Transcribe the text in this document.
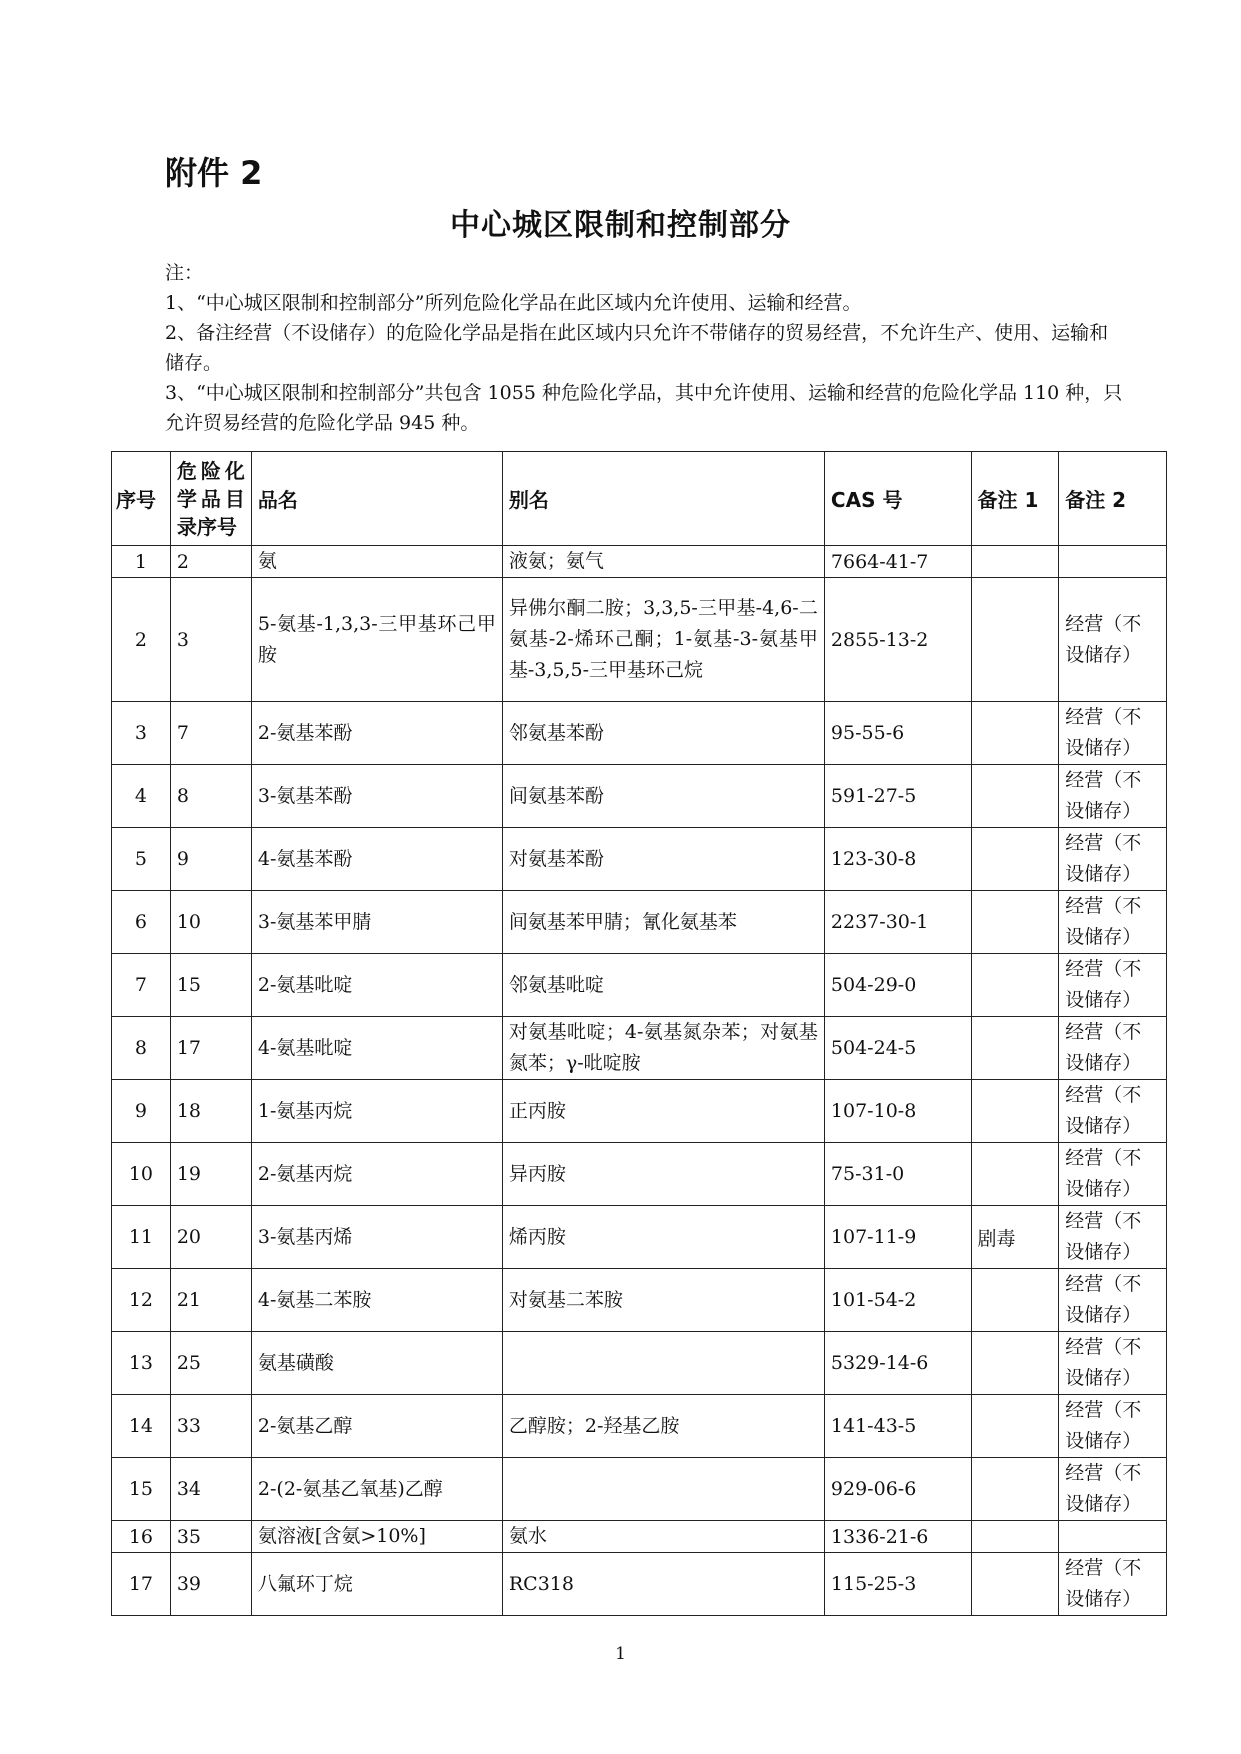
附件 2
中心城区限制和控制部分

注：

1、“中心城区限制和控制部分”所列危险化学品在此区域内允许使用、运输和经营。

2、备注经营（不设储存）的危险化学品是指在此区域内只允许不带储存的贸易经营，不允许生产、使用、运输和储存。

3、“中心城区限制和控制部分”共包含 1055 种危险化学品，其中允许使用、运输和经营的危险化学品 110 种，只允许贸易经营的危险化学品 945 种。

序号	危险化学品目录序号	品名	别名	CAS 号	备注 1	备注 2
1	2	氨	液氨；氨气	7664-41-7		
2	3	5-氨基-1,3,3-三甲基环己甲胺	异佛尔酮二胺；3,3,5-三甲基-4,6-二氨基-2-烯环己酮；1-氨基-3-氨基甲基-3,5,5-三甲基环己烷	2855-13-2		经营（不设储存）
3	7	2-氨基苯酚	邻氨基苯酚	95-55-6		经营（不设储存）
4	8	3-氨基苯酚	间氨基苯酚	591-27-5		经营（不设储存）
5	9	4-氨基苯酚	对氨基苯酚	123-30-8		经营（不设储存）
6	10	3-氨基苯甲腈	间氨基苯甲腈；氰化氨基苯	2237-30-1		经营（不设储存）
7	15	2-氨基吡啶	邻氨基吡啶	504-29-0		经营（不设储存）
8	17	4-氨基吡啶	对氨基吡啶；4-氨基氮杂苯；对氨基氮苯；γ-吡啶胺	504-24-5		经营（不设储存）
9	18	1-氨基丙烷	正丙胺	107-10-8		经营（不设储存）
10	19	2-氨基丙烷	异丙胺	75-31-0		经营（不设储存）
11	20	3-氨基丙烯	烯丙胺	107-11-9	剧毒	经营（不设储存）
12	21	4-氨基二苯胺	对氨基二苯胺	101-54-2		经营（不设储存）
13	25	氨基磺酸		5329-14-6		经营（不设储存）
14	33	2-氨基乙醇	乙醇胺；2-羟基乙胺	141-43-5		经营（不设储存）
15	34	2-(2-氨基乙氧基)乙醇		929-06-6		经营（不设储存）
16	35	氨溶液[含氨>10%]	氨水	1336-21-6		
17	39	八氟环丁烷	RC318	115-25-3		经营（不设储存）
1
